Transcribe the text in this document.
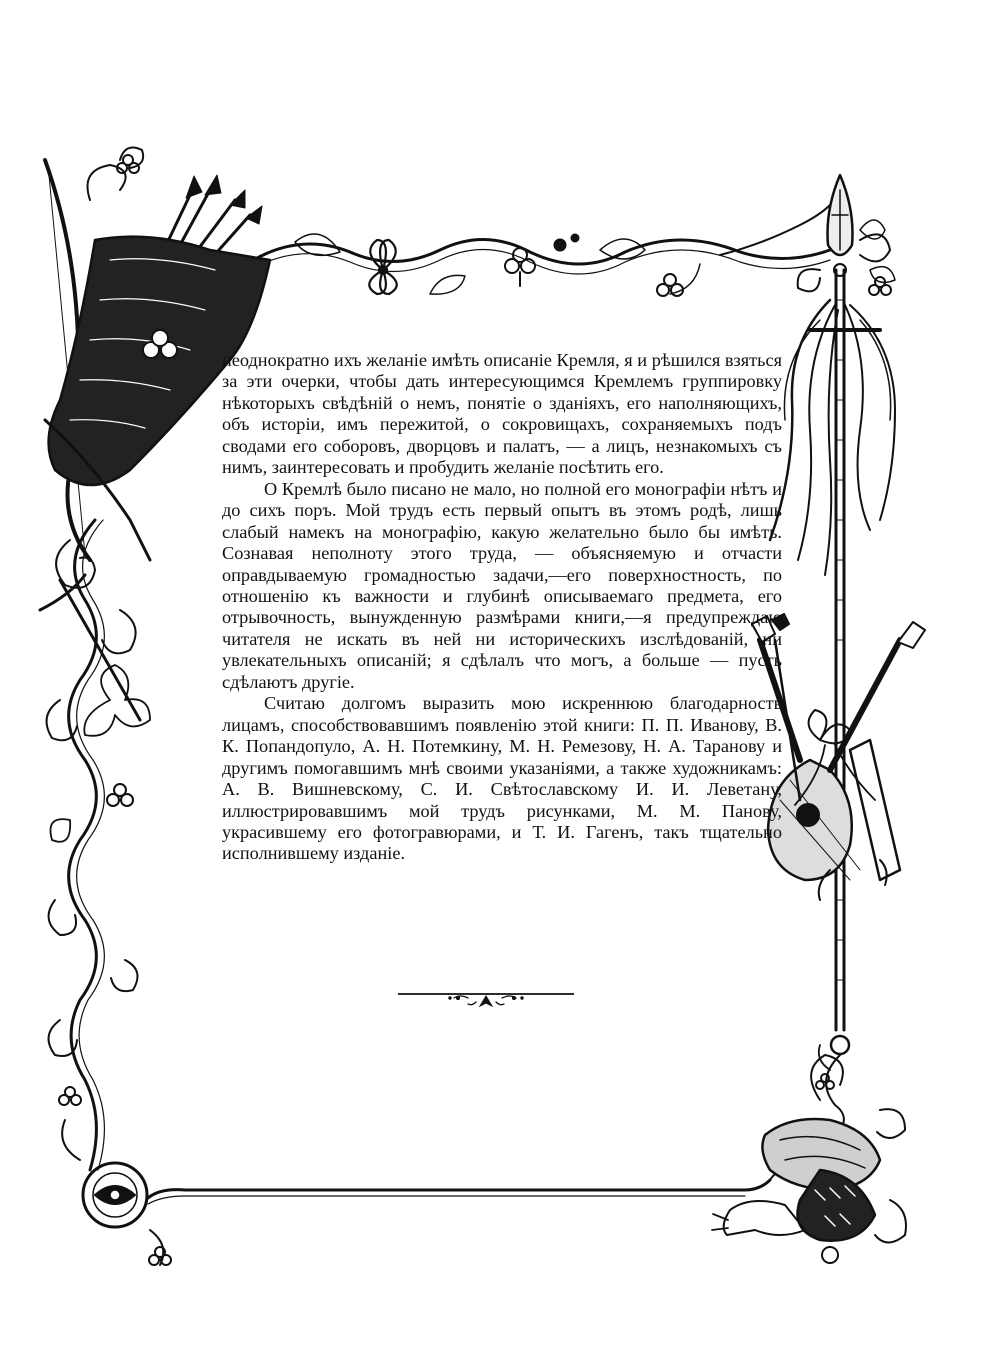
неоднократно ихъ желаніе имѣть описаніе Кремля, я и рѣшился взяться за эти очерки, чтобы дать интересующимся Кремлемъ группировку нѣкоторыхъ свѣдѣній о немъ, понятіе о зданіяхъ, его наполняющихъ, объ исторіи, имъ пережитой, о сокровищахъ, сохраняемыхъ подъ сводами его соборовъ, дворцовъ и палатъ, — а лицъ, незнакомыхъ съ нимъ, заинтересовать и пробудить желаніе посѣтить его.

О Кремлѣ было писано не мало, но полной его монографіи нѣтъ и до сихъ поръ. Мой трудъ есть первый опытъ въ этомъ родѣ, лишь слабый намекъ на монографію, какую желательно было бы имѣть. Сознавая неполноту этого труда, — объясняемую и отчасти оправдываемую громадностью задачи,—его поверхностность, по отношенію къ важности и глубинѣ описываемаго предмета, его отрывочность, вынужденную размѣрами книги,—я предупреждаю читателя не искать въ ней ни историческихъ изслѣдованій, ни увлекательныхъ описаній; я сдѣлалъ что могъ, а больше — пусть сдѣлаютъ другіе.

Считаю долгомъ выразить мою искреннюю благодарность лицамъ, способствовавшимъ появленію этой книги: П. П. Иванову, В. К. Попандопуло, А. Н. Потемкину, М. Н. Ремезову, Н. А. Таранову и другимъ помогавшимъ мнѣ своими указаніями, а также художникамъ: А. В. Вишневскому, С. И. Свѣтославскому И. И. Леветану, иллюстрировавшимъ мой трудъ рисунками, М. М. Панову, украсившему его фотогравюрами, и Т. И. Гагенъ, такъ тщательно исполнившему изданіе.
